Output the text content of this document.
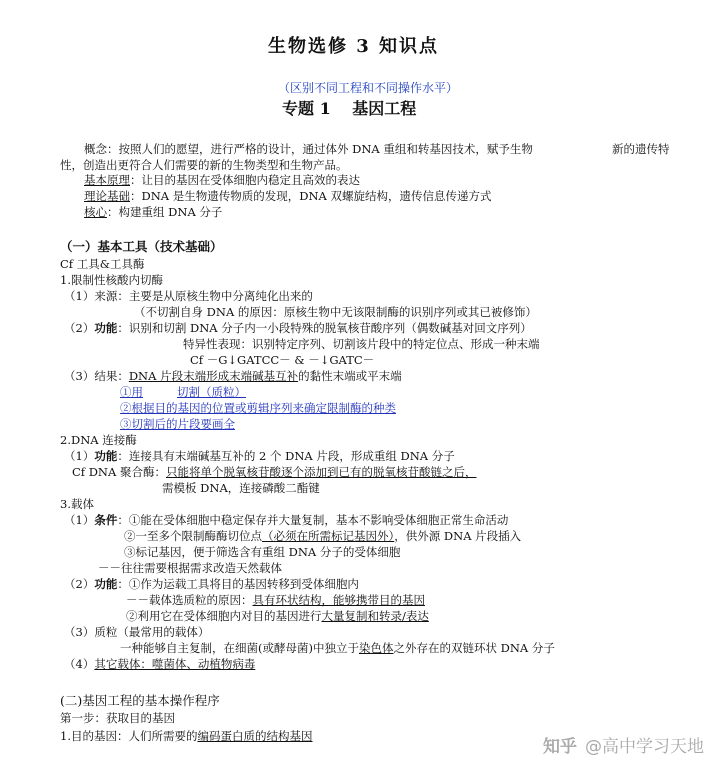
生物选修 3 知识点
（区别不同工程和不同操作水平）
专题 1　 基因工程
概念：按照人们的愿望，进行严格的设计，通过体外 DNA 重组和转基因技术，赋予生物	新的遗传特
性，创造出更符合人们需要的新的生物类型和生物产品。
基本原理：让目的基因在受体细胞内稳定且高效的表达
理论基础：DNA 是生物遗传物质的发现，DNA 双螺旋结构，遗传信息传递方式
核心：构建重组 DNA 分子
（一）基本工具（技术基础）
Cf 工具&工具酶
1.限制性核酸内切酶
（1）来源：主要是从原核生物中分离纯化出来的
（不切割自身 DNA 的原因：原核生物中无该限制酶的识别序列或其已被修饰）
（2）功能：识别和切割 DNA 分子内一小段特殊的脱氧核苷酸序列（偶数碱基对回文序列）
特异性表现：识别特定序列、切割该片段中的特定位点、形成一种末端
Cf －G↓GATCC－ & －↓GATC－
（3）结果：DNA 片段末端形成末端碱基互补的黏性末端或平末端
①用	切割（质粒）
②根据目的基因的位置或剪辑序列来确定限制酶的种类
③切割后的片段要画全
2.DNA 连接酶
（1）功能：连接具有末端碱基互补的 2 个 DNA 片段，形成重组 DNA 分子
Cf DNA 聚合酶：只能将单个脱氧核苷酸逐个添加到已有的脱氧核苷酸链之后，
需模板 DNA，连接磷酸二酯键
3.载体
（1）条件：①能在受体细胞中稳定保存并大量复制，基本不影响受体细胞正常生命活动
②一至多个限制酶酶切位点（必须在所需标记基因外），供外源 DNA 片段插入
③标记基因，便于筛选含有重组 DNA 分子的受体细胞
－－往往需要根据需求改造天然载体
（2）功能：①作为运载工具将目的基因转移到受体细胞内
－－载体选质粒的原因：具有环状结构，能够携带目的基因
②利用它在受体细胞内对目的基因进行大量复制和转录/表达
（3）质粒（最常用的载体）
一种能够自主复制，在细菌(或酵母菌)中独立于染色体之外存在的双链环状 DNA 分子
（4）其它载体：噬菌体、动植物病毒
(二)基因工程的基本操作程序
第一步：获取目的基因
1.目的基因：人们所需要的编码蛋白质的结构基因
知乎 @高中学习天地
